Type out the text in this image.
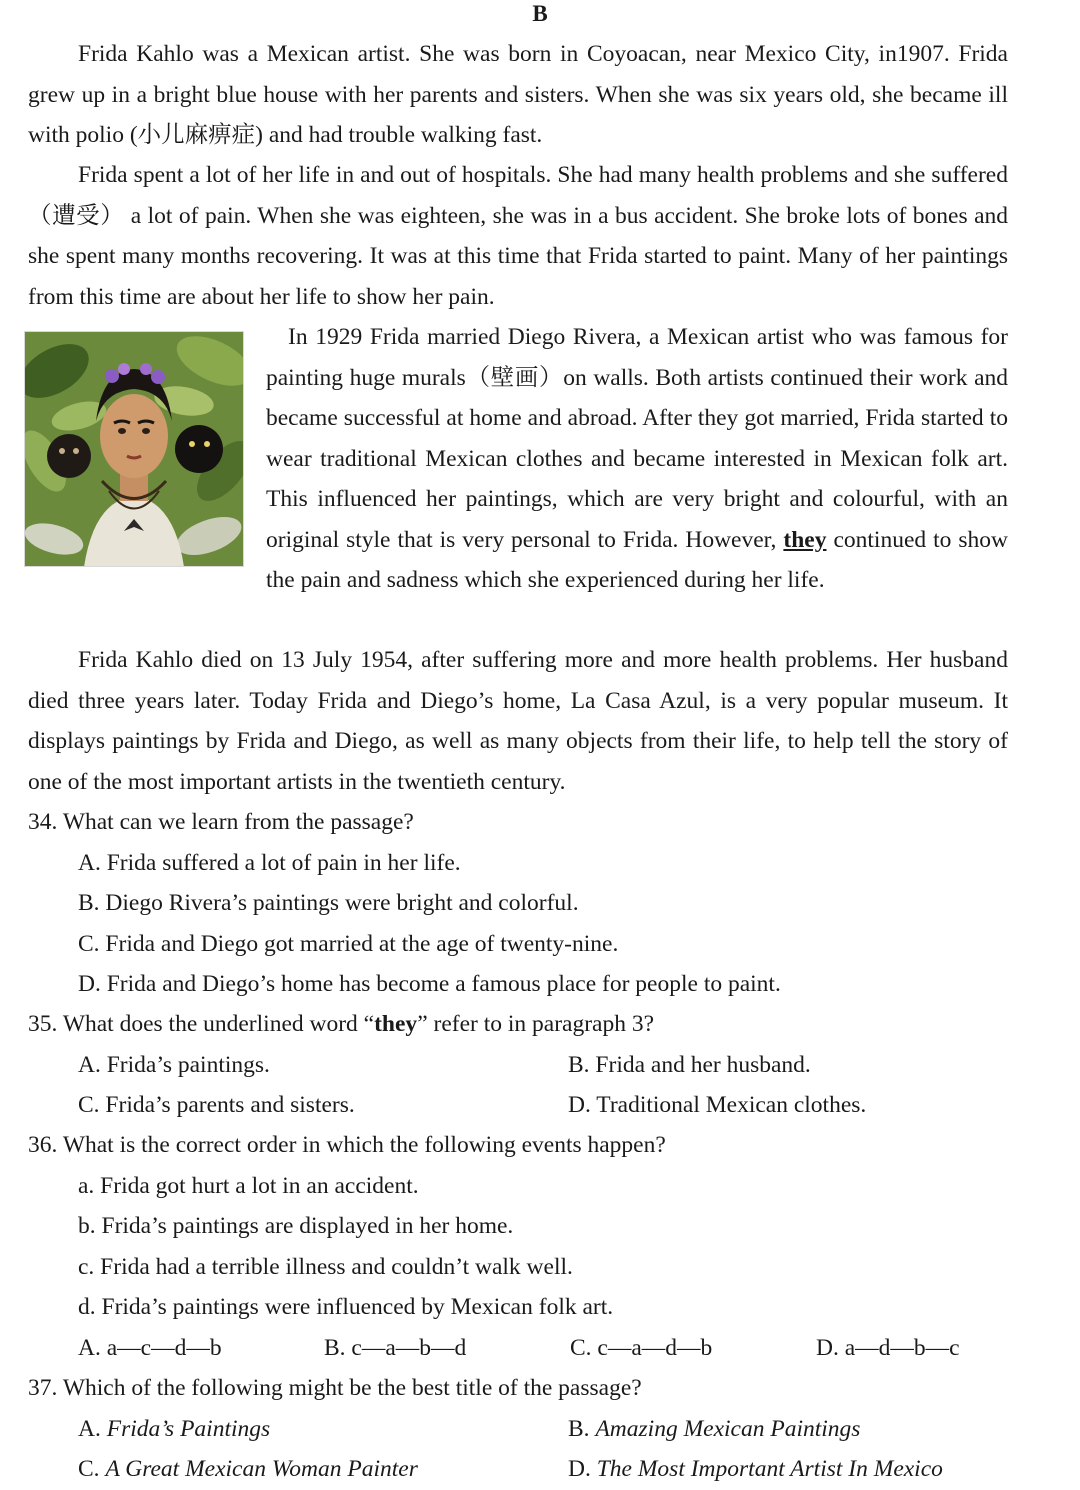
B

Frida Kahlo was a Mexican artist. She was born in Coyoacan, near Mexico City, in1907. Frida grew up in a bright blue house with her parents and sisters. When she was six years old, she became ill with polio (小儿麻痹症) and had trouble walking fast.

Frida spent a lot of her life in and out of hospitals. She had many health problems and she suffered（遭受） a lot of pain. When she was eighteen, she was in a bus accident. She broke lots of bones and she spent many months recovering. It was at this time that Frida started to paint. Many of her paintings from this time are about her life to show her pain.

In 1929 Frida married Diego Rivera, a Mexican artist who was famous for painting huge murals（壁画）on walls. Both artists continued their work and became successful at home and abroad. After they got married, Frida started to wear traditional Mexican clothes and became interested in Mexican folk art. This influenced her paintings, which are very bright and colourful, with an original style that is very personal to Frida. However, they continued to show the pain and sadness which she experienced during her life.

Frida Kahlo died on 13 July 1954, after suffering more and more health problems. Her husband died three years later. Today Frida and Diego’s home, La Casa Azul, is a very popular museum. It displays paintings by Frida and Diego, as well as many objects from their life, to help tell the story of one of the most important artists in the twentieth century.

34. What can we learn from the passage?
A. Frida suffered a lot of pain in her life.
B. Diego Rivera’s paintings were bright and colorful.
C. Frida and Diego got married at the age of twenty-nine.
D. Frida and Diego’s home has become a famous place for people to paint.
35. What does the underlined word “they” refer to in paragraph 3?
A. Frida’s paintings.	B. Frida and her husband.
C. Frida’s parents and sisters.	D. Traditional Mexican clothes.
36. What is the correct order in which the following events happen?
a. Frida got hurt a lot in an accident.
b. Frida’s paintings are displayed in her home.
c. Frida had a terrible illness and couldn’t walk well.
d. Frida’s paintings were influenced by Mexican folk art.
A. a—c—d—b	B. c—a—b—d	C. c—a—d—b	D. a—d—b—c
37. Which of the following might be the best title of the passage?
A. Frida’s Paintings	B. Amazing Mexican Paintings
C. A Great Mexican Woman Painter	D. The Most Important Artist In Mexico
